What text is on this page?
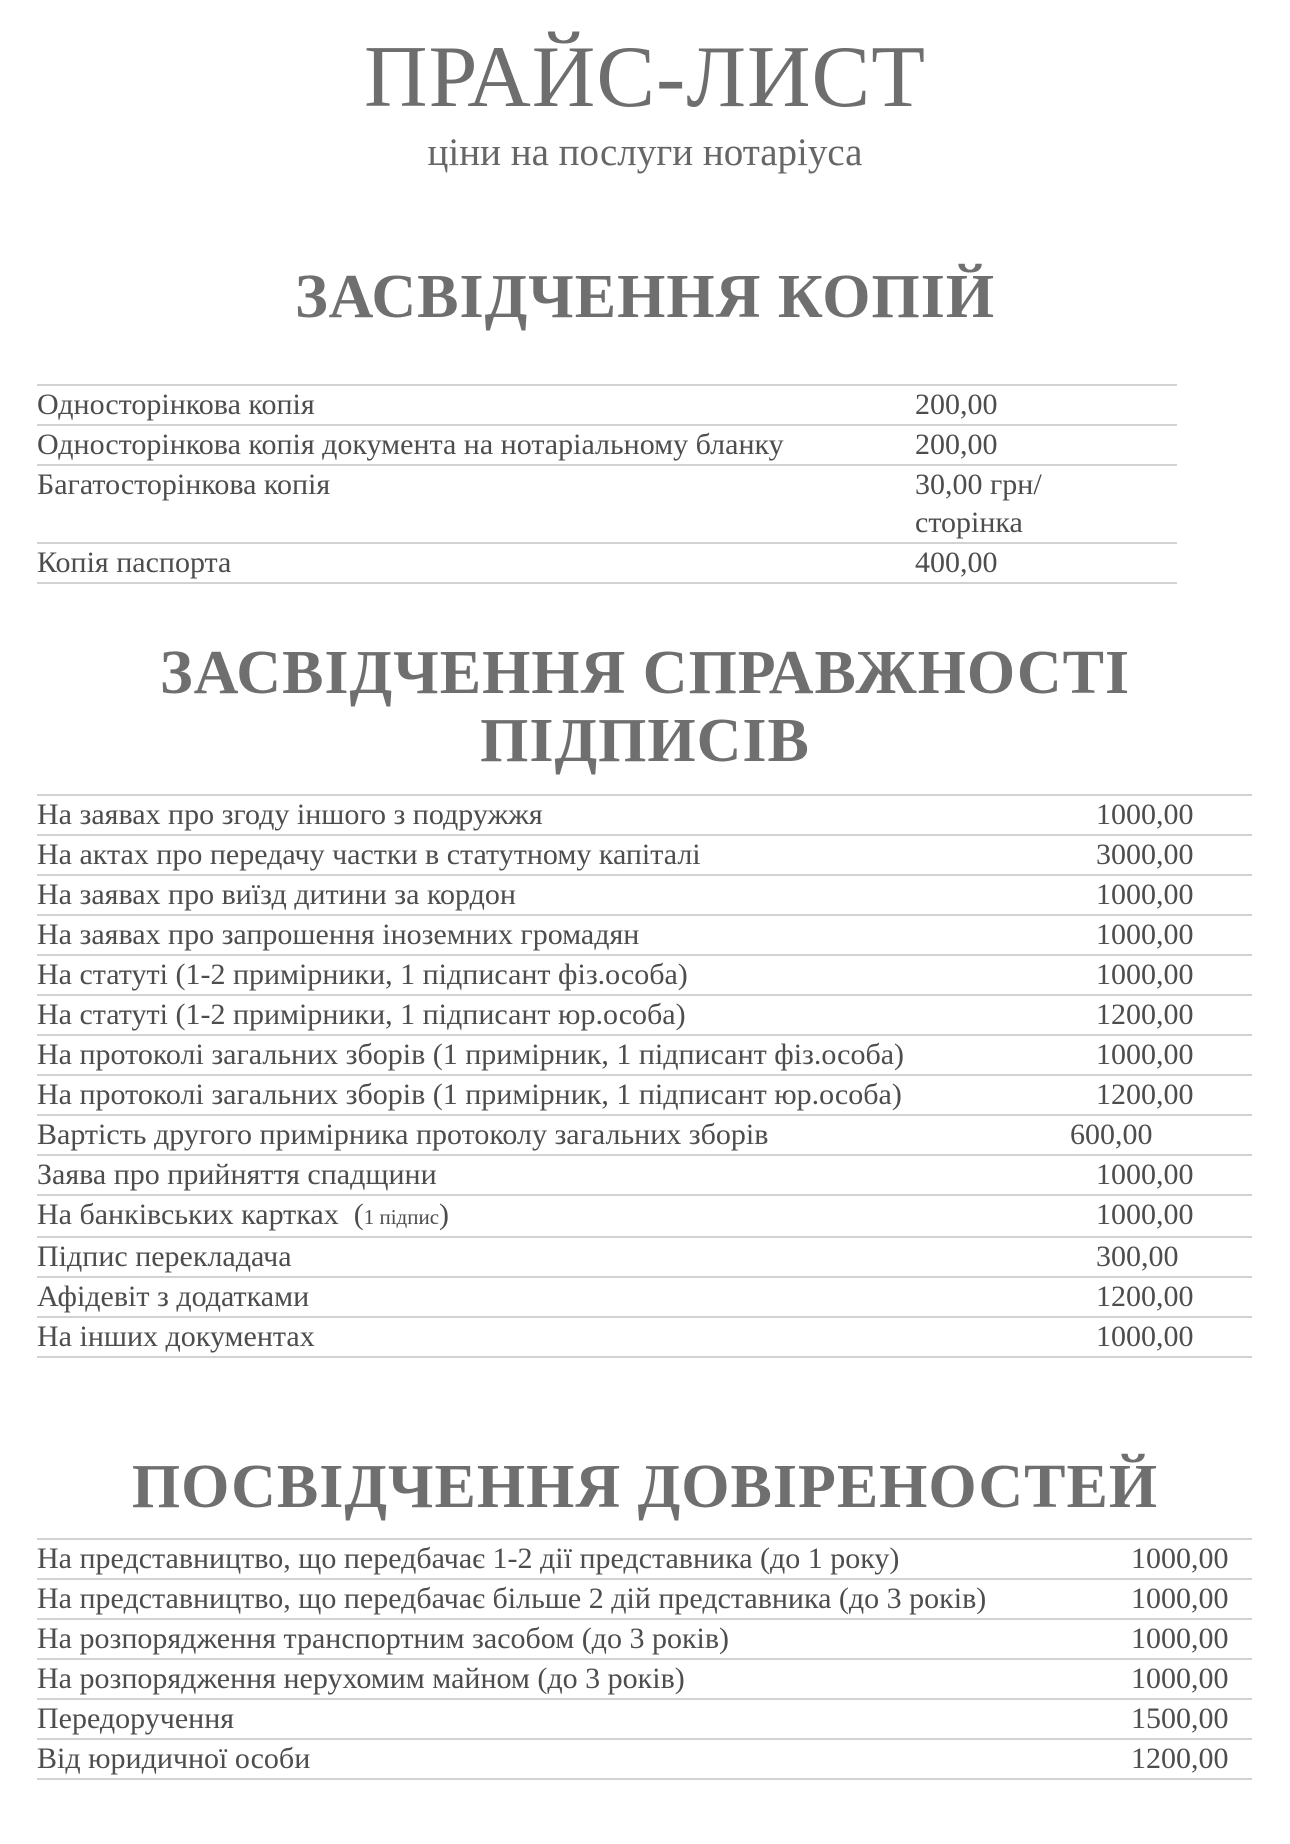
ПРАЙС-ЛИСТ
ціни на послуги нотаріуса
ЗАСВІДЧЕННЯ КОПІЙ
Односторінкова копія	200,00
Односторінкова копія документа на нотаріальному бланку	200,00
Багатосторінкова копія	30,00 грн/ сторінка
Копія паспорта	400,00
ЗАСВІДЧЕННЯ СПРАВЖНОСТІ
ПІДПИСІВ
На заявах про згоду іншого з подружжя	1000,00
На актах про передачу частки в статутному капіталі	3000,00
На заявах про виїзд дитини за кордон	1000,00
На заявах про запрошення іноземних громадян	1000,00
На статуті (1-2 примірники, 1 підписант фіз.особа)	1000,00
На статуті (1-2 примірники, 1 підписант юр.особа)	1200,00
На протоколі загальних зборів (1 примірник, 1 підписант фіз.особа)	1000,00
На протоколі загальних зборів (1 примірник, 1 підписант юр.особа)	1200,00
Вартість другого примірника протоколу загальних зборів	600,00
Заява про прийняття спадщини	1000,00
На банківських картках  (1 підпис)	1000,00
Підпис перекладача	300,00
Афідевіт з додатками	1200,00
На інших документах	1000,00
ПОСВІДЧЕННЯ ДОВІРЕНОСТЕЙ
На представництво, що передбачає 1-2 дії представника (до 1 року)	1000,00
На представництво, що передбачає більше 2 дій представника (до 3 років)	1000,00
На розпорядження транспортним засобом (до 3 років)	1000,00
На розпорядження нерухомим майном (до 3 років)	1000,00
Передоручення	1500,00
Від юридичної особи	1200,00
